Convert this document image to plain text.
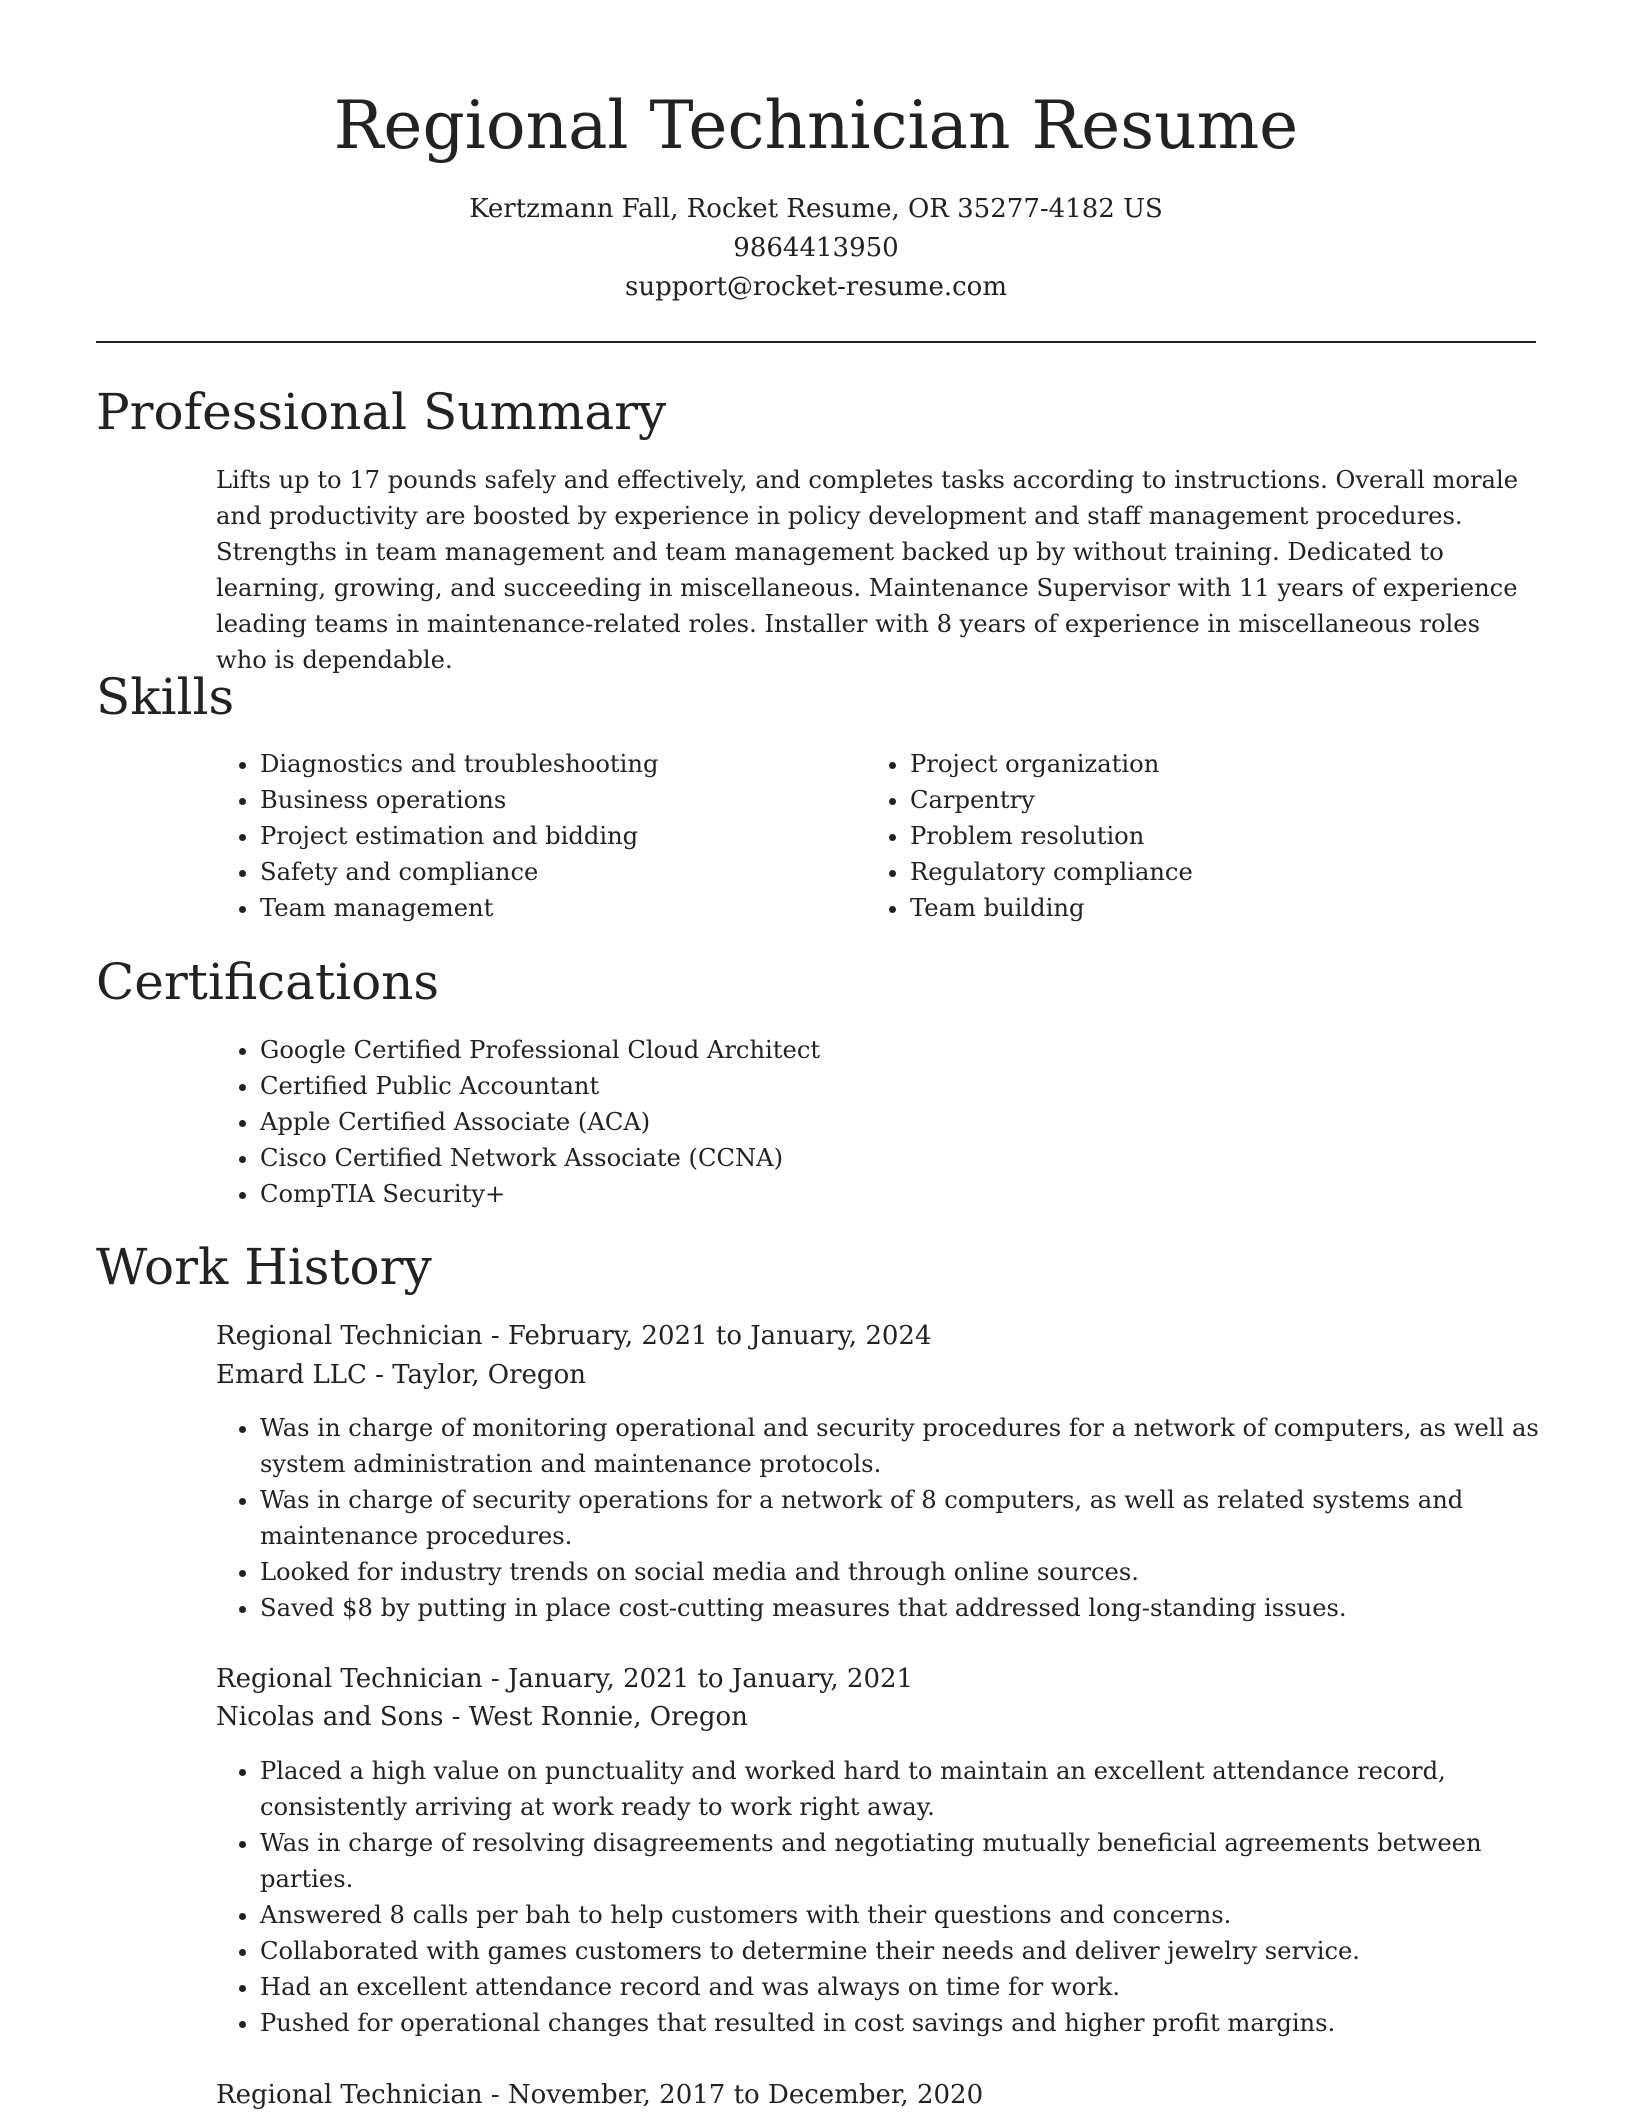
Regional Technician Resume

Kertzmann Fall, Rocket Resume, OR 35277-4182 US

9864413950

support@rocket-resume.com

Professional Summary

Lifts up to 17 pounds safely and effectively, and completes tasks according to instructions. Overall morale and productivity are boosted by experience in policy development and staff management procedures. Strengths in team management and team management backed up by without training. Dedicated to learning, growing, and succeeding in miscellaneous. Maintenance Supervisor with 11 years of experience leading teams in maintenance-related roles. Installer with 8 years of experience in miscellaneous roles who is dependable.

Skills
• Diagnostics and troubleshooting
• Business operations
• Project estimation and bidding
• Safety and compliance
• Team management
• Project organization
• Carpentry
• Problem resolution
• Regulatory compliance
• Team building
Certifications
• Google Certified Professional Cloud Architect
• Certified Public Accountant
• Apple Certified Associate (ACA)
• Cisco Certified Network Associate (CCNA)
• CompTIA Security+
Work History

Regional Technician - February, 2021 to January, 2024

Emard LLC - Taylor, Oregon

• Was in charge of monitoring operational and security procedures for a network of computers, as well as system administration and maintenance protocols.
• Was in charge of security operations for a network of 8 computers, as well as related systems and maintenance procedures.
• Looked for industry trends on social media and through online sources.
• Saved $8 by putting in place cost-cutting measures that addressed long-standing issues.

Regional Technician - January, 2021 to January, 2021

Nicolas and Sons - West Ronnie, Oregon

• Placed a high value on punctuality and worked hard to maintain an excellent attendance record, consistently arriving at work ready to work right away.
• Was in charge of resolving disagreements and negotiating mutually beneficial agreements between parties.
• Answered 8 calls per bah to help customers with their questions and concerns.
• Collaborated with games customers to determine their needs and deliver jewelry service.
• Had an excellent attendance record and was always on time for work.
• Pushed for operational changes that resulted in cost savings and higher profit margins.

Regional Technician - November, 2017 to December, 2020
